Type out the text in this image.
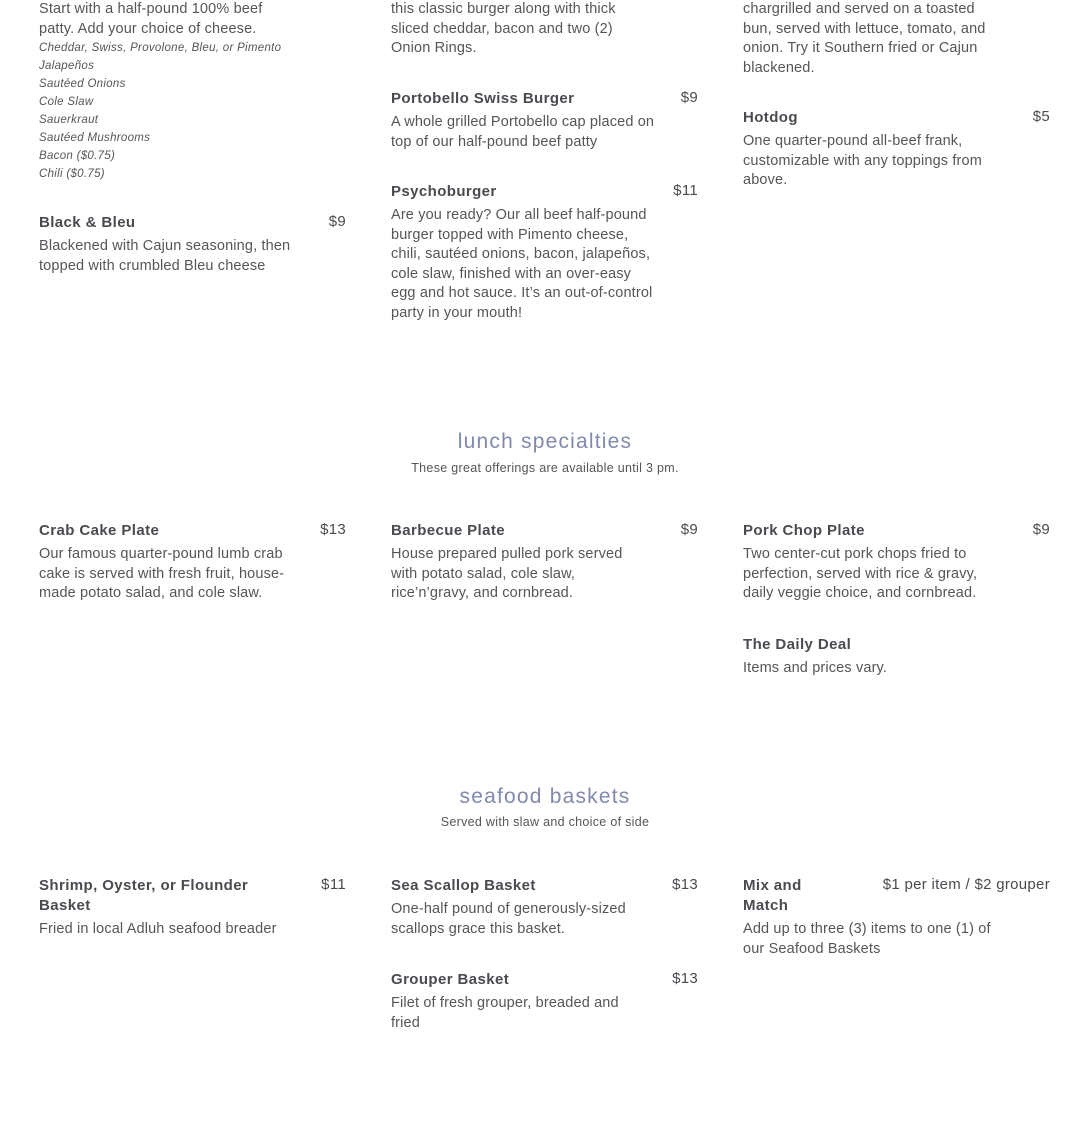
Start with a half-pound 100% beef patty. Add your choice of cheese.
Cheddar, Swiss, Provolone, Bleu, or Pimento
Jalapeños
Sautéed Onions
Cole Slaw
Sauerkraut
Sautéed Mushrooms
Bacon ($0.75)
Chili ($0.75)
Black & Bleu	$9
Blackened with Cajun seasoning, then topped with crumbled Bleu cheese
this classic burger along with thick sliced cheddar, bacon and two (2) Onion Rings.
Portobello Swiss Burger	$9
A whole grilled Portobello cap placed on top of our half-pound beef patty
Psychoburger	$11
Are you ready? Our all beef half-pound burger topped with Pimento cheese, chili, sautéed onions, bacon, jalapeños, cole slaw, finished with an over-easy egg and hot sauce. It’s an out-of-control party in your mouth!
chargrilled and served on a toasted bun, served with lettuce, tomato, and onion. Try it Southern fried or Cajun blackened.
Hotdog	$5
One quarter-pound all-beef frank, customizable with any toppings from above.
lunch specialties
These great offerings are available until 3 pm.
Crab Cake Plate	$13
Our famous quarter-pound lumb crab cake is served with fresh fruit, house-made potato salad, and cole slaw.
Barbecue Plate	$9
House prepared pulled pork served with potato salad, cole slaw, rice’n’gravy, and cornbread.
Pork Chop Plate	$9
Two center-cut pork chops fried to perfection, served with rice & gravy, daily veggie choice, and cornbread.
The Daily Deal
Items and prices vary.
seafood baskets
Served with slaw and choice of side
Shrimp, Oyster, or Flounder Basket
$11
Fried in local Adluh seafood breader
Sea Scallop Basket	$13
One-half pound of generously-sized scallops grace this basket.
Grouper Basket	$13
Filet of fresh grouper, breaded and fried
Mix and Match
$1 per item / $2 grouper
Add up to three (3) items to one (1) of our Seafood Baskets
